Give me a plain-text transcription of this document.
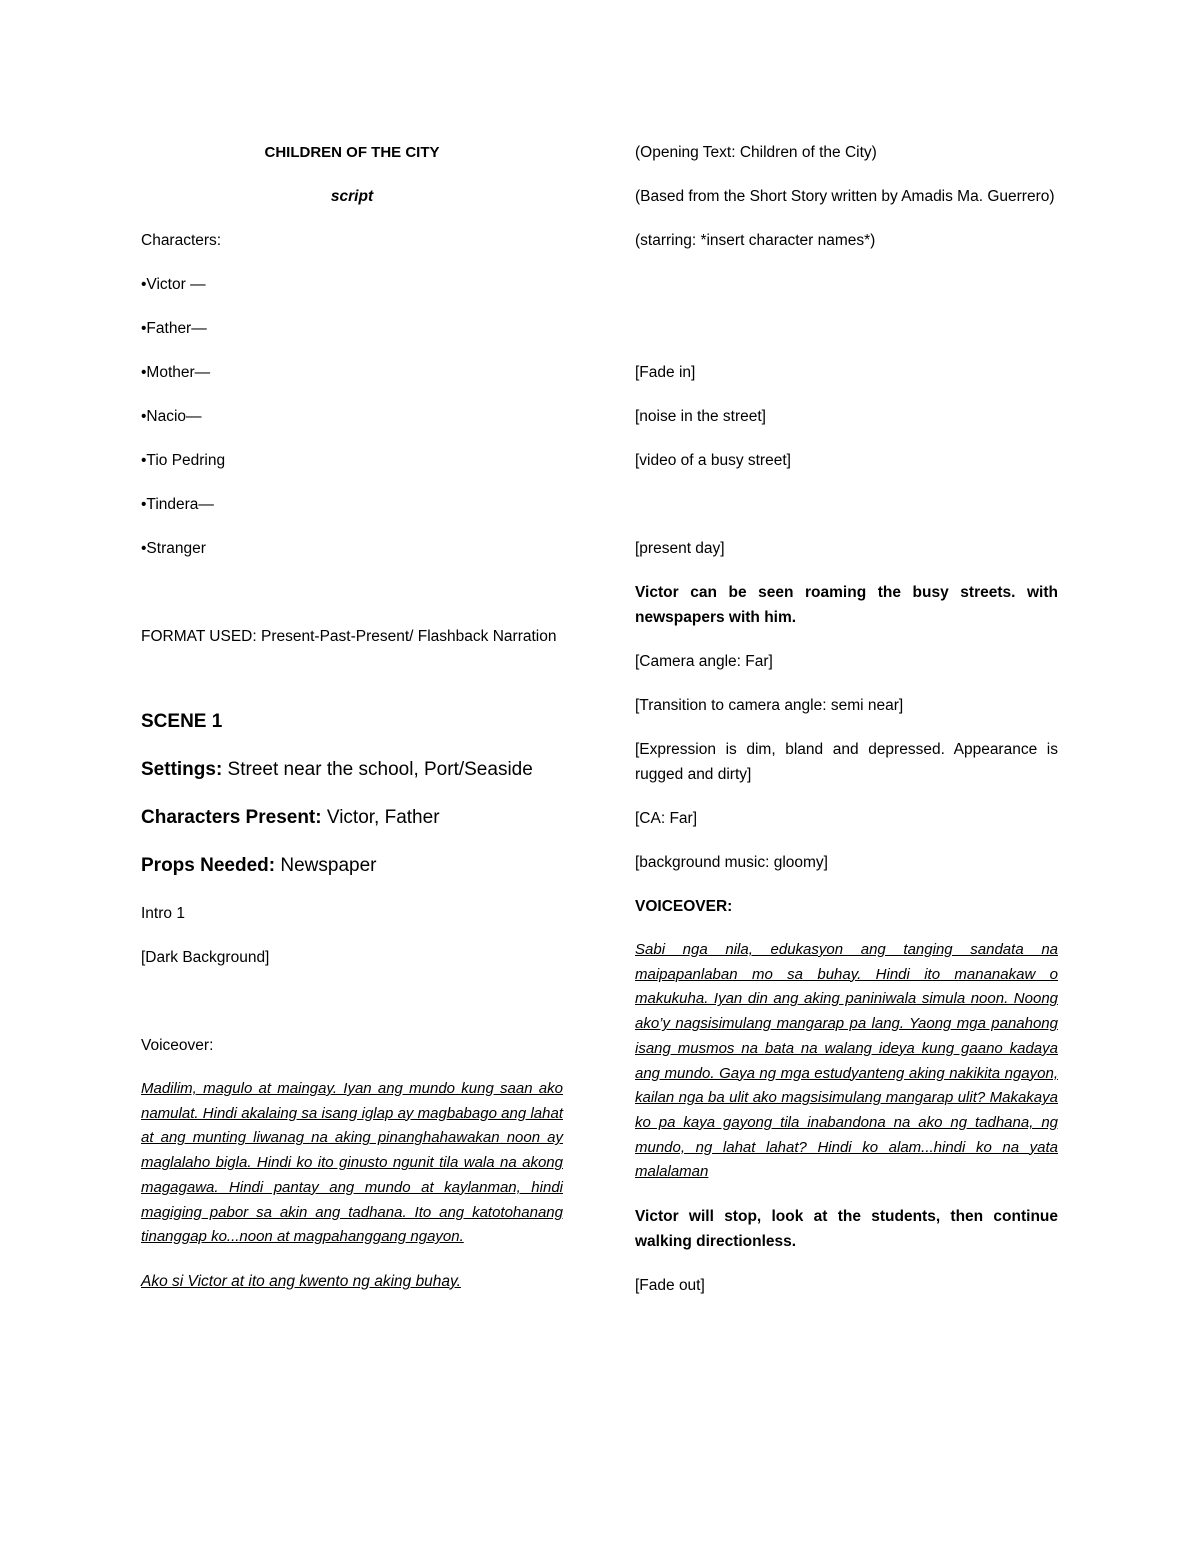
CHILDREN OF THE CITY

script

Characters:

•Victor —

•Father—

•Mother—

•Nacio—

•Tio Pedring

•Tindera—

•Stranger

FORMAT USED: Present-Past-Present/ Flashback Narration

SCENE 1

Settings: Street near the school, Port/Seaside

Characters Present: Victor, Father

Props Needed: Newspaper

Intro 1

[Dark Background]

Voiceover:

Madilim, magulo at maingay. Iyan ang mundo kung saan ako namulat. Hindi akalaing sa isang iglap ay magbabago ang lahat at ang munting liwanag na aking pinanghahawakan noon ay maglalaho bigla. Hindi ko ito ginusto ngunit tila wala na akong magagawa. Hindi pantay ang mundo at kaylanman, hindi magiging pabor sa akin ang tadhana. Ito ang katotohanang tinanggap ko...noon at magpahanggang ngayon.

Ako si Victor at ito ang kwento ng aking buhay.

(Opening Text: Children of the City)

(Based from the Short Story written by Amadis Ma. Guerrero)

(starring: *insert character names*)

[Fade in]

[noise in the street]

[video of a busy street]

[present day]

Victor can be seen roaming the busy streets. with newspapers with him.

[Camera angle: Far]

[Transition to camera angle: semi near]

[Expression is dim, bland and depressed. Appearance is rugged and dirty]

[CA: Far]

[background music: gloomy]

VOICEOVER:

Sabi nga nila, edukasyon ang tanging sandata na maipapanlaban mo sa buhay. Hindi ito mananakaw o makukuha. Iyan din ang aking paniniwala simula noon. Noong ako’y nagsisimulang mangarap pa lang. Yaong mga panahong isang musmos na bata na walang ideya kung gaano kadaya ang mundo. Gaya ng mga estudyanteng aking nakikita ngayon, kailan nga ba ulit ako magsisimulang mangarap ulit? Makakaya ko pa kaya gayong tila inabandona na ako ng tadhana, ng mundo, ng lahat lahat? Hindi ko alam...hindi ko na yata malalaman

Victor will stop, look at the students, then continue walking directionless.

[Fade out]
